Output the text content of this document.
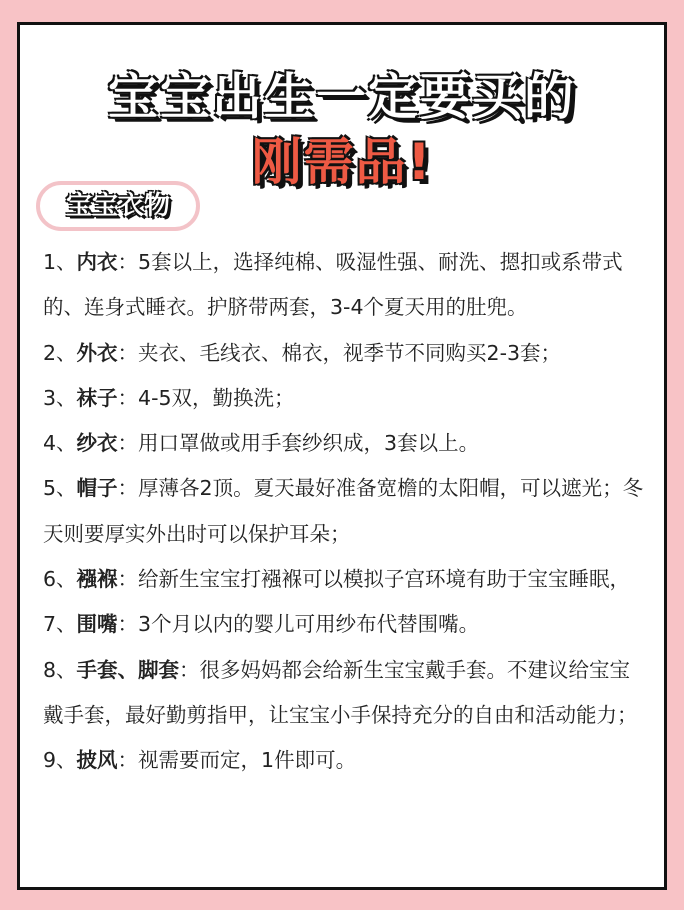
宝宝出生一定要买的
刚需品!
宝宝衣物

1、内衣：5套以上，选择纯棉、吸湿性强、耐洗、摁扣或系带式的、连身式睡衣。护脐带两套，3-4个夏天用的肚兜。

2、外衣：夹衣、毛线衣、棉衣，视季节不同购买2-3套；

3、袜子：4-5双，勤换洗；

4、纱衣：用口罩做或用手套纱织成，3套以上。

5、帽子：厚薄各2顶。夏天最好准备宽檐的太阳帽，可以遮光；冬天则要厚实外出时可以保护耳朵；

6、襁褓：给新生宝宝打襁褓可以模拟子宫环境有助于宝宝睡眠，

7、围嘴：3个月以内的婴儿可用纱布代替围嘴。

8、手套、脚套：很多妈妈都会给新生宝宝戴手套。不建议给宝宝戴手套，最好勤剪指甲，让宝宝小手保持充分的自由和活动能力；

9、披风：视需要而定，1件即可。
